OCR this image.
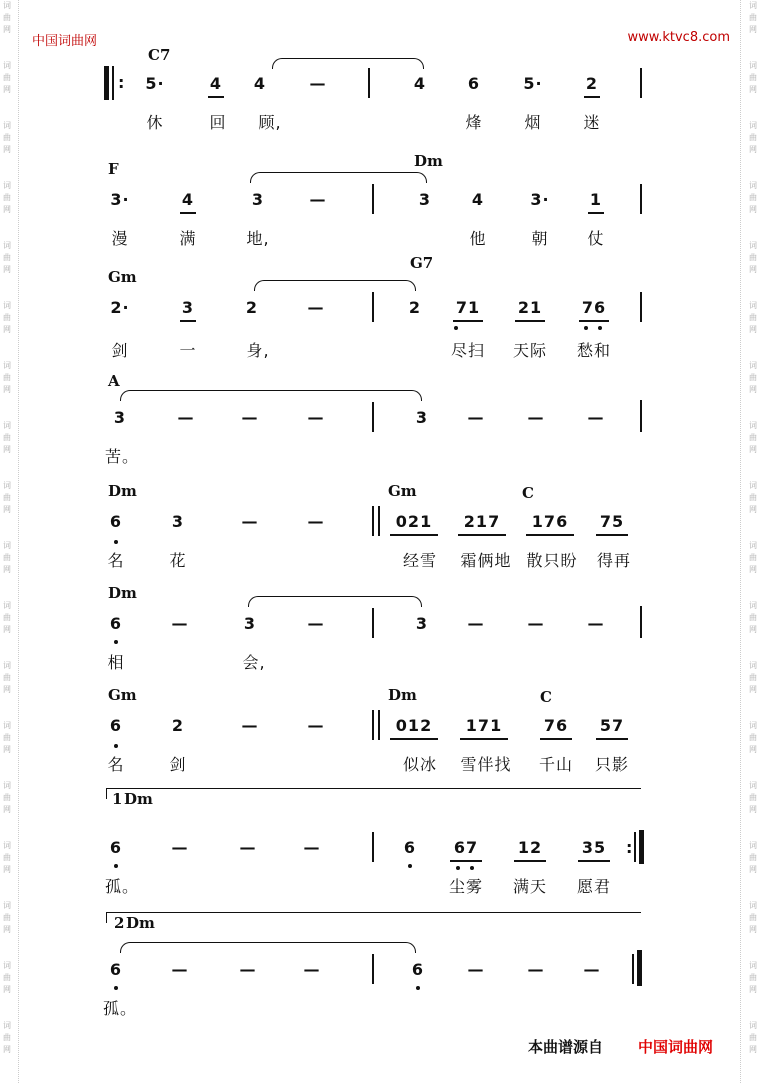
词
曲
网
词
曲
网
词
曲
网
词
曲
网
词
曲
网
词
曲
网
词
曲
网
词
曲
网
词
曲
网
词
曲
网
词
曲
网
词
曲
网
词
曲
网
词
曲
网
词
曲
网
词
曲
网
词
曲
网
词
曲
网
词
曲
网
词
曲
网
词
曲
网
词
曲
网
词
曲
网
词
曲
网
词
曲
网
词
曲
网
词
曲
网
词
曲
网
词
曲
网
词
曲
网
词
曲
网
词
曲
网
词
曲
网
词
曲
网
词
曲
网
词
曲
网
中国词曲网	www.ktvc8.com
C7
: 5·	4 4	—	4	6	5·	2
休	回 顾,	烽	烟	迷
F	Dm
3·	4	3	—	3	4	3·	1
漫	满	地,	他	朝 仗
Gm
G7
2·	3	2	—	2 71 21 76
剑	一	身,	尽扫 天际 愁和
A
3	—	—	—	3 —	—	—
苦。
Dm	Gm	C
6	3	—	—	021 217 176 75
名	花	经雪 霜俩地 散只盼 得再
Dm
6	—	3	—	3 —	—	—
相	会,
Gm	Dm	C
6	2	—	—	012 171	76 57
名	剑	似冰 雪伴找 千山 只影
1 Dm
6	—	—	—	6 67 12 35 :
孤。	尘雾 满天 愿君
2 Dm
6	—	—	—	6	—	— —
孤。
本曲谱源自 中国词曲网
